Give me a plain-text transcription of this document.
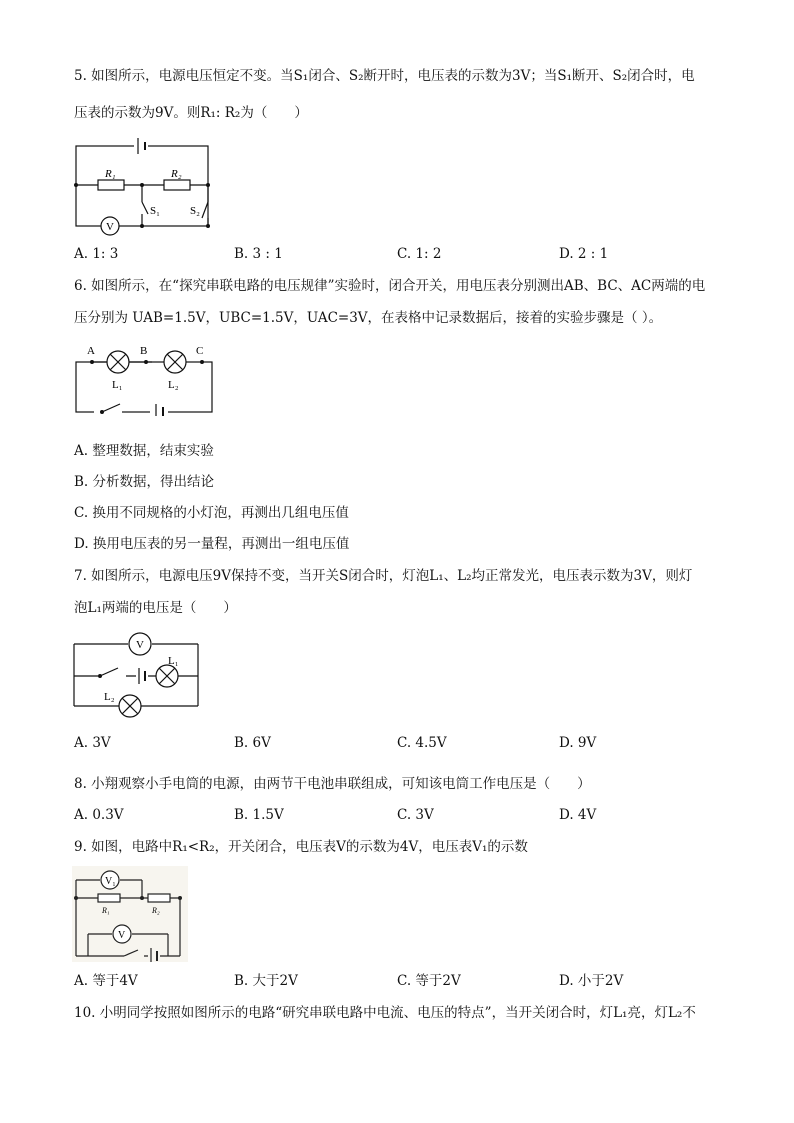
5. 如图所示，电源电压恒定不变。当S₁闭合、S₂断开时，电压表的示数为3V；当S₁断开、S₂闭合时，电
压表的示数为9V。则R₁: R₂为（　　）
R₁	R₂
S₁	S₂
V
A. 1: 3	B. 3 : 1	C. 1: 2	D. 2 : 1
6. 如图所示，在“探究串联电路的电压规律”实验时，闭合开关，用电压表分别测出AB、BC、AC两端的电
压分别为 UAB=1.5V，UBC=1.5V，UAC=3V，在表格中记录数据后，接着的实验步骤是（ ）。
A	B	C
L₁	L₂
A. 整理数据，结束实验
B. 分析数据，得出结论
C. 换用不同规格的小灯泡，再测出几组电压值
D. 换用电压表的另一量程，再测出一组电压值
7. 如图所示，电源电压9V保持不变，当开关S闭合时，灯泡L₁、L₂均正常发光，电压表示数为3V，则灯
泡L₁两端的电压是（　　）
V
L₁
L₂
A. 3V	B. 6V	C. 4.5V	D. 9V
8. 小翔观察小手电筒的电源，由两节干电池串联组成，可知该电筒工作电压是（　　）
A. 0.3V	B. 1.5V	C. 3V	D. 4V
9. 如图，电路中R₁<R₂，开关闭合，电压表V的示数为4V，电压表V₁的示数
V₁
V
R₁	R₂
A. 等于4V	B. 大于2V	C. 等于2V	D. 小于2V
10. 小明同学按照如图所示的电路“研究串联电路中电流、电压的特点”，当开关闭合时，灯L₁亮，灯L₂不
